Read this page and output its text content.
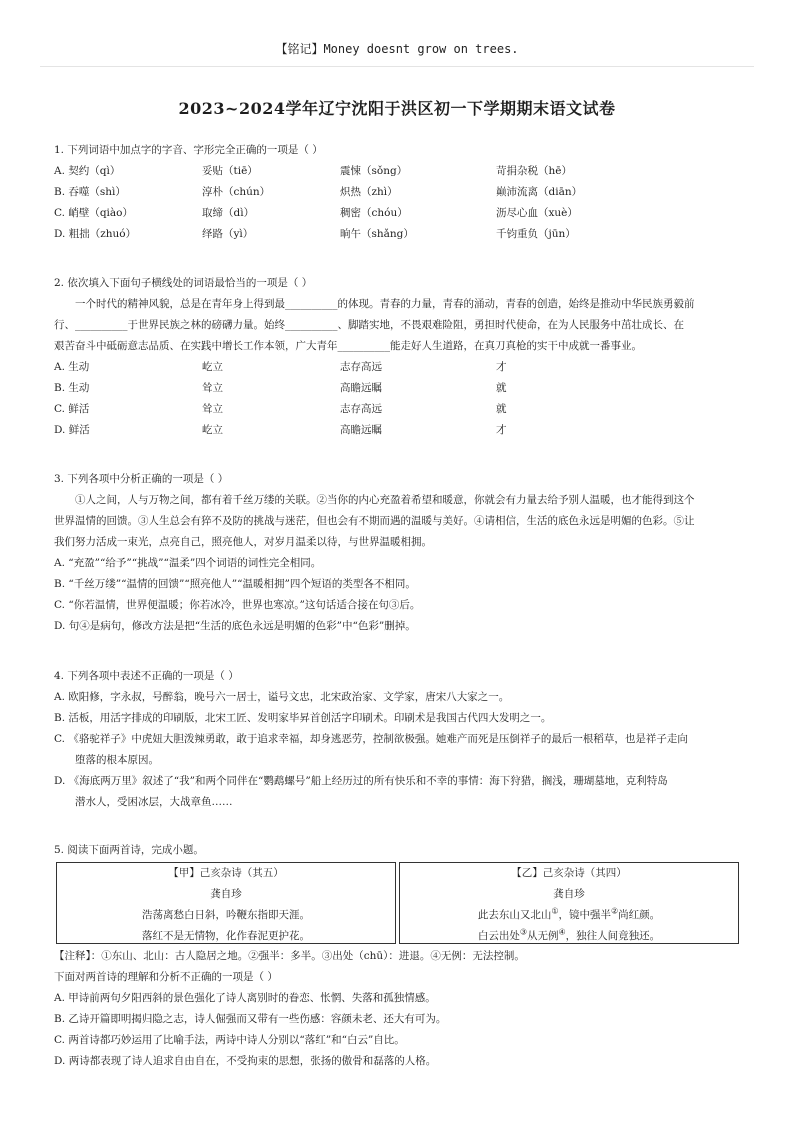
【铭记】Money doesnt grow on trees.
2023~2024学年辽宁沈阳于洪区初一下学期期末语文试卷
1. 下列词语中加点字的字音、字形完全正确的一项是（ ）
A. 契约（qì）	妥贴（tiē）	震悚（sǒng）	苛捐杂税（hē）
B. 吞噬（shì）	淳朴（chún）	炽热（zhì）	巅沛流离（diān）
C. 峭壁（qiào）	取缔（dì）	稠密（chóu）	沥尽心血（xuè）
D. 粗拙（zhuó）	绎路（yì）	晌午（shǎng）	千钧重负（jūn）
2. 依次填入下面句子横线处的词语最恰当的一项是（ ）
一个时代的精神风貌，总是在青年身上得到最__________的体现。青春的力量，青春的涌动，青春的创造，始终是推动中华民族勇毅前
行、__________于世界民族之林的磅礴力量。始终__________、脚踏实地，不畏艰难险阻，勇担时代使命，在为人民服务中茁壮成长、在
艰苦奋斗中砥砺意志品质、在实践中增长工作本领，广大青年__________能走好人生道路，在真刀真枪的实干中成就一番事业。
A. 生动	屹立	志存高远	才
B. 生动	耸立	高瞻远瞩	就
C. 鲜活	耸立	志存高远	就
D. 鲜活	屹立	高瞻远瞩	才
3. 下列各项中分析正确的一项是（ ）
①人之间，人与万物之间，都有着千丝万缕的关联。②当你的内心充盈着希望和暖意，你就会有力量去给予别人温暖，也才能得到这个
世界温情的回馈。③人生总会有猝不及防的挑战与迷茫，但也会有不期而遇的温暖与美好。④请相信，生活的底色永远是明媚的色彩。⑤让
我们努力活成一束光，点亮自己，照亮他人，对岁月温柔以待，与世界温暖相拥。
A. “充盈”“给予”“挑战”“温柔”四个词语的词性完全相同。
B. “千丝万缕”“温情的回馈”“照亮他人”“温暖相拥”四个短语的类型各不相同。
C. “你若温情，世界便温暖；你若冰冷，世界也寒凉。”这句话适合接在句③后。
D. 句④是病句，修改方法是把“生活的底色永远是明媚的色彩”中“色彩”删掉。
4. 下列各项中表述不正确的一项是（ ）
A. 欧阳修，字永叔，号醉翁，晚号六一居士，谥号文忠，北宋政治家、文学家，唐宋八大家之一。
B. 活板，用活字排成的印刷版，北宋工匠、发明家毕昇首创活字印刷术。印刷术是我国古代四大发明之一。
C. 《骆驼祥子》中虎妞大胆泼辣勇敢，敢于追求幸福，却身逃恶劳，控制欲极强。她难产而死是压倒祥子的最后一根稻草，也是祥子走向
堕落的根本原因。
D. 《海底两万里》叙述了“我”和两个同伴在“鹦鹉螺号”船上经历过的所有快乐和不幸的事情：海下狩猎，搁浅，珊瑚墓地，克利特岛
潜水人，受困冰层，大战章鱼……
5. 阅读下面两首诗，完成小题。
【甲】己亥杂诗（其五）
龚自珍
浩荡离愁白日斜，吟鞭东指即天涯。
落红不是无情物，化作春泥更护花。
【乙】己亥杂诗（其四）
龚自珍
此去东山又北山①，镜中强半②尚红颜。
白云出处③从无例④，独往人间竟独还。
【注释】：①东山、北山：古人隐居之地。②强半：多半。③出处（chū）：进退。④无例：无法控制。
下面对两首诗的理解和分析不正确的一项是（ ）
A. 甲诗前两句夕阳西斜的景色强化了诗人离别时的眷恋、怅惘、失落和孤独情感。
B. 乙诗开篇即明揭归隐之志，诗人倔强而又带有一些伤感：容颜未老、还大有可为。
C. 两首诗都巧妙运用了比喻手法，两诗中诗人分别以“落红”和“白云”自比。
D. 两诗都表现了诗人追求自由自在，不受拘束的思想，张扬的傲骨和磊落的人格。
